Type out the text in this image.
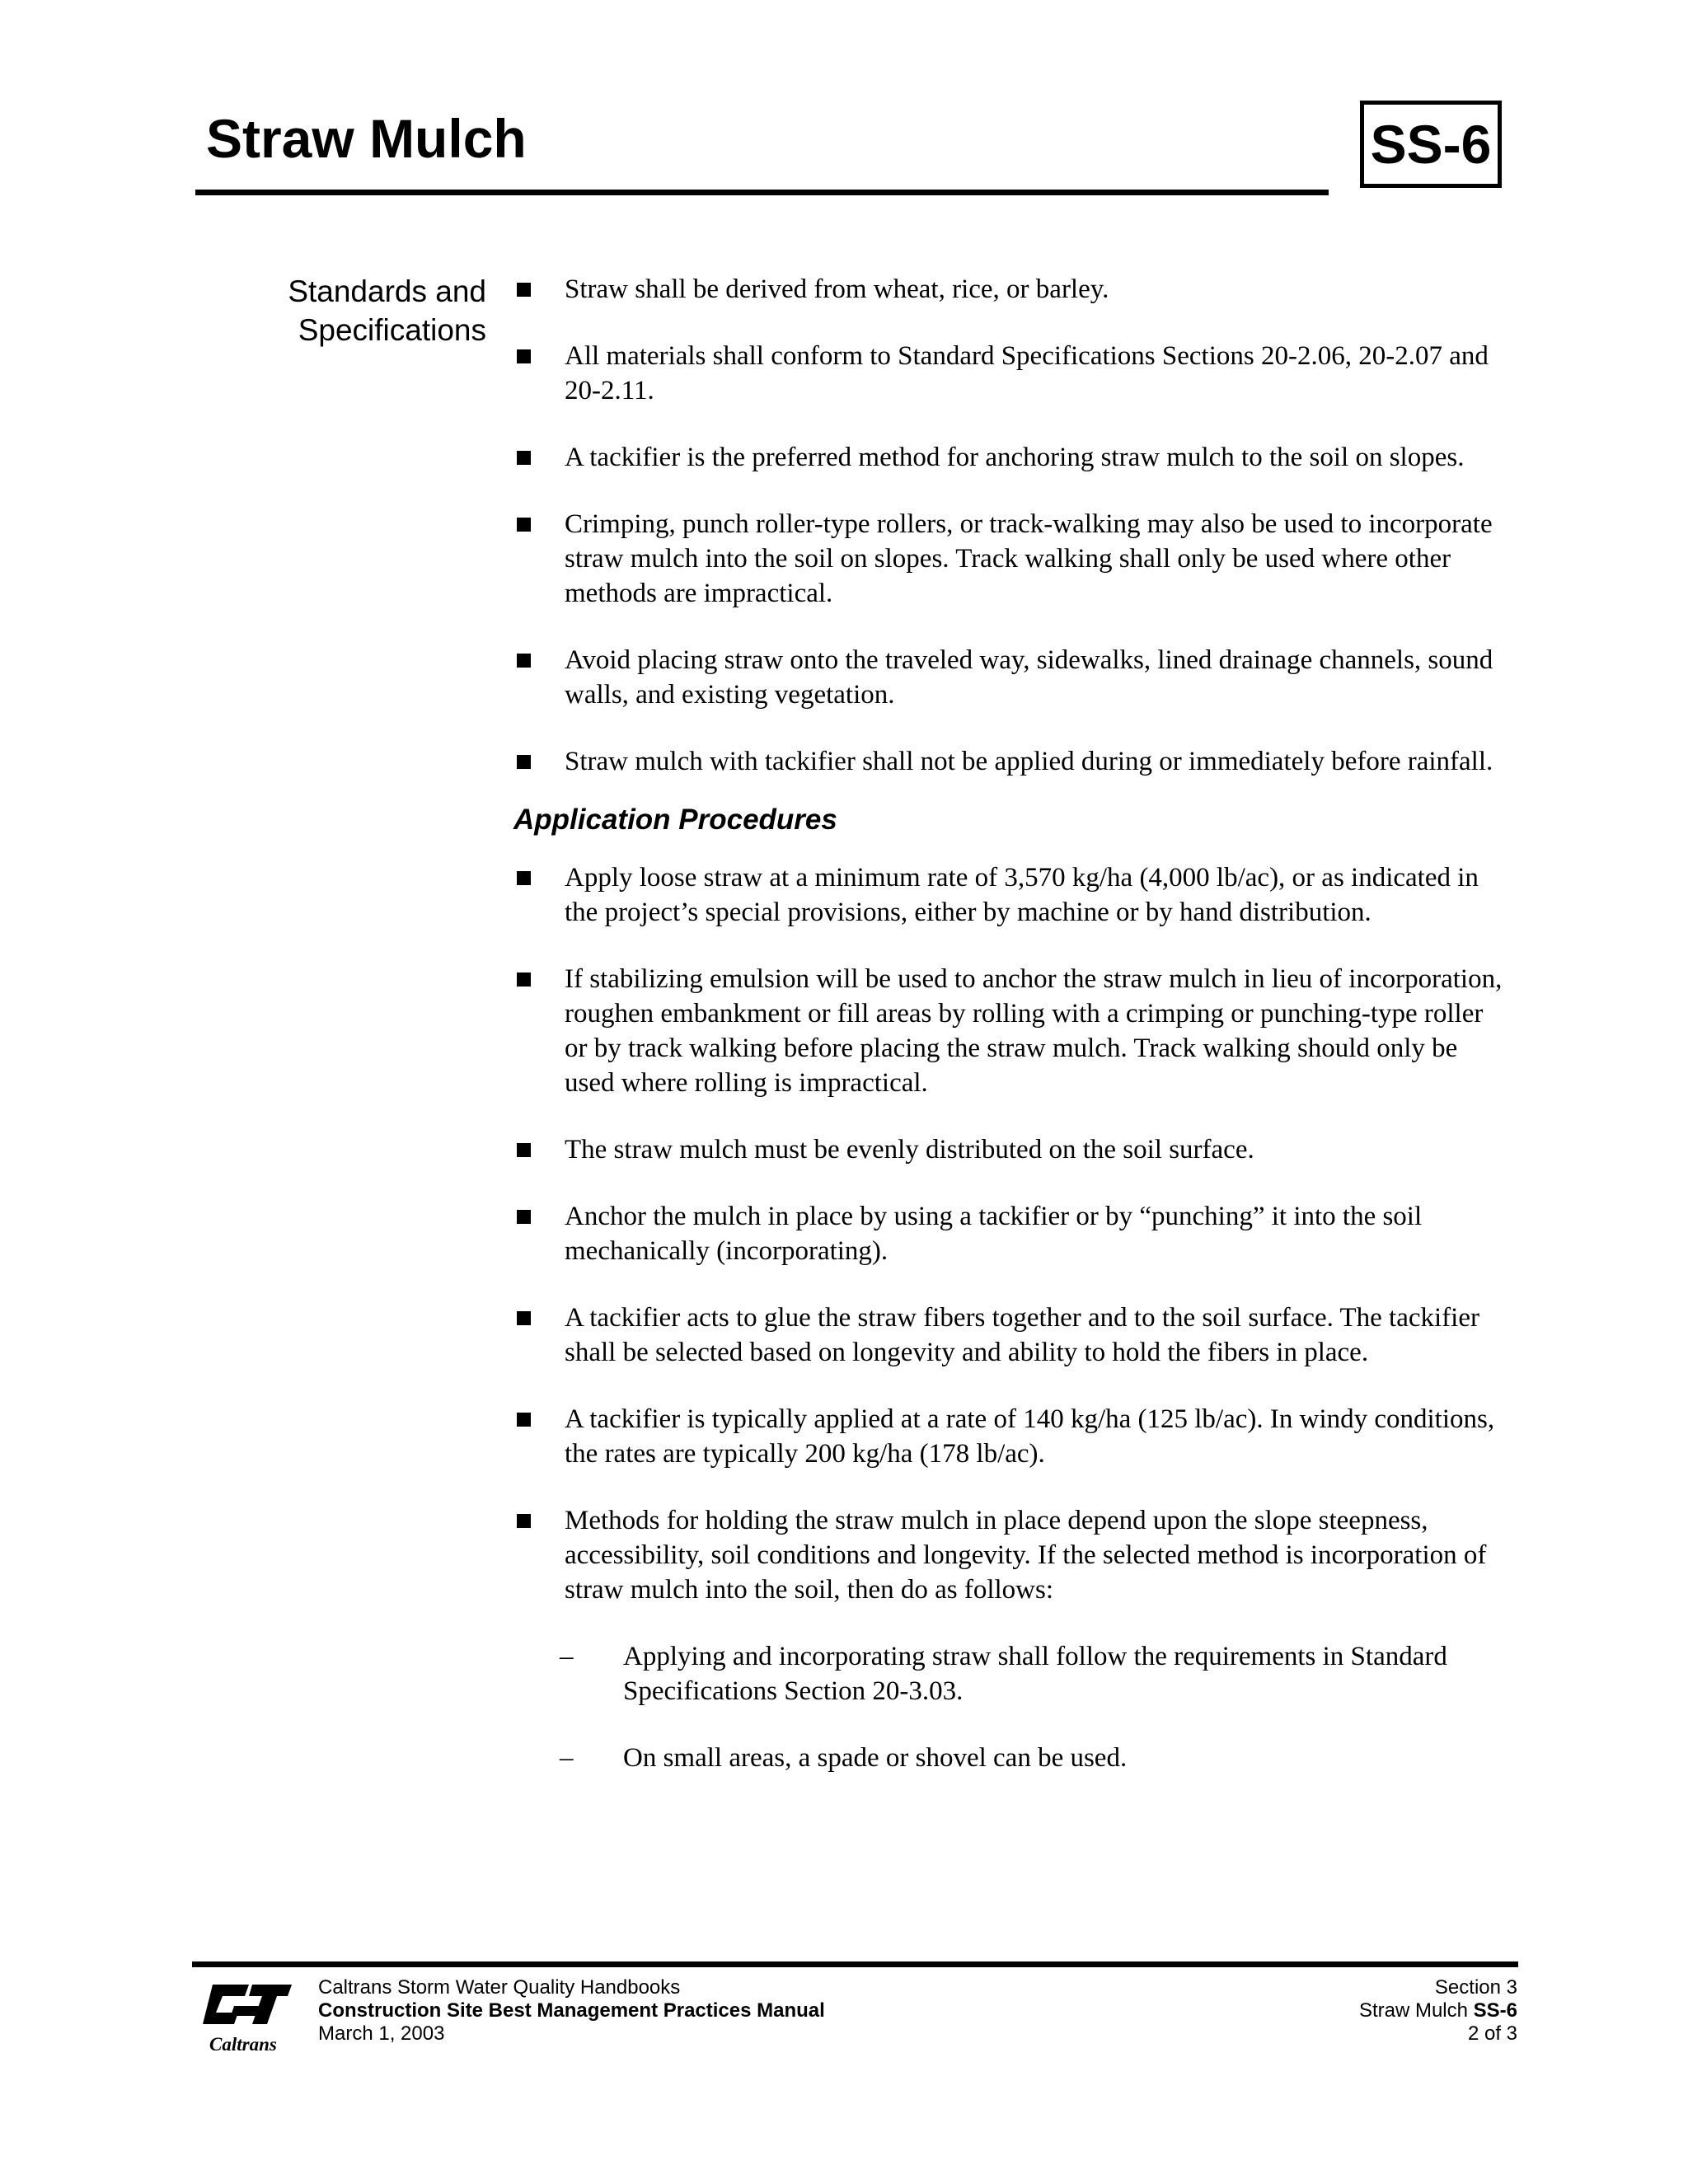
Straw Mulch	SS-6
Standards and
Specifications
Straw shall be derived from wheat, rice, or barley.
All materials shall conform to Standard Specifications Sections 20-2.06, 20-2.07 and 20-2.11.
A tackifier is the preferred method for anchoring straw mulch to the soil on slopes.
Crimping, punch roller-type rollers, or track-walking may also be used to incorporate straw mulch into the soil on slopes. Track walking shall only be used where other methods are impractical.
Avoid placing straw onto the traveled way, sidewalks, lined drainage channels, sound walls, and existing vegetation.
Straw mulch with tackifier shall not be applied during or immediately before rainfall.
Application Procedures
Apply loose straw at a minimum rate of 3,570 kg/ha (4,000 lb/ac), or as indicated in the project’s special provisions, either by machine or by hand distribution.
If stabilizing emulsion will be used to anchor the straw mulch in lieu of incorporation, roughen embankment or fill areas by rolling with a crimping or punching-type roller or by track walking before placing the straw mulch. Track walking should only be used where rolling is impractical.
The straw mulch must be evenly distributed on the soil surface.
Anchor the mulch in place by using a tackifier or by “punching” it into the soil mechanically (incorporating).
A tackifier acts to glue the straw fibers together and to the soil surface. The tackifier shall be selected based on longevity and ability to hold the fibers in place.
A tackifier is typically applied at a rate of 140 kg/ha (125 lb/ac). In windy conditions, the rates are typically 200 kg/ha (178 lb/ac).
Methods for holding the straw mulch in place depend upon the slope steepness, accessibility, soil conditions and longevity. If the selected method is incorporation of straw mulch into the soil, then do as follows:
– Applying and incorporating straw shall follow the requirements in Standard Specifications Section 20-3.03.
– On small areas, a spade or shovel can be used.
Caltrans
Caltrans Storm Water Quality Handbooks
Construction Site Best Management Practices Manual
March 1, 2003
Section 3
Straw Mulch SS-6
2 of 3
